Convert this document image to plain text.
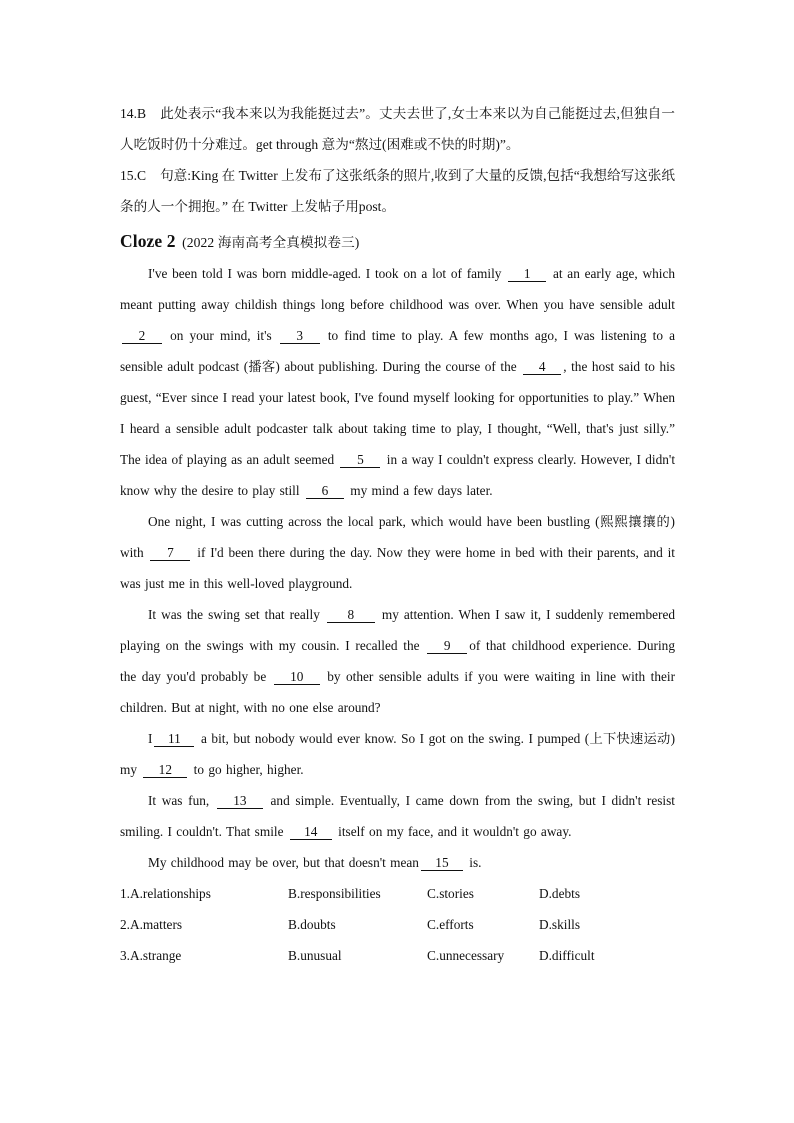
14.B 此处表示“我本来以为我能挺过去”。丈夫去世了,女士本来以为自己能挺过去,但独自一人吃饭时仍十分难过。get through 意为“熬过(困难或不快的时期)”。

15.C 句意:King 在 Twitter 上发布了这张纸条的照片,收到了大量的反馈,包括“我想给写这张纸条的人一个拥抱。” 在 Twitter 上发帖子用post。

Cloze 2 (2022 海南高考全真模拟卷三)

I've been told I was born middle-aged. I took on a lot of family 1 at an early age, which meant putting away childish things long before childhood was over. When you have sensible adult 2 on your mind, it's 3 to find time to play. A few months ago, I was listening to a sensible adult podcast (播客) about publishing. During the course of the 4 , the host said to his guest, “Ever since I read your latest book, I've found myself looking for opportunities to play.” When I heard a sensible adult podcaster talk about taking time to play, I thought, “Well, that's just silly.” The idea of playing as an adult seemed 5 in a way I couldn't express clearly. However, I didn't know why the desire to play still 6 my mind a few days later.

One night, I was cutting across the local park, which would have been bustling (熙熙攘攘的) with 7 if I'd been there during the day. Now they were home in bed with their parents, and it was just me in this well-loved playground.

It was the swing set that really 8 my attention. When I saw it, I suddenly remembered playing on the swings with my cousin. I recalled the 9 of that childhood experience. During the day you'd probably be 10 by other sensible adults if you were waiting in line with their children. But at night, with no one else around?

I 11 a bit, but nobody would ever know. So I got on the swing. I pumped (上下快速运动) my 12 to go higher, higher.

It was fun, 13 and simple. Eventually, I came down from the swing, but I didn't resist smiling. I couldn't. That smile 14 itself on my face, and it wouldn't go away.

My childhood may be over, but that doesn't mean 15 is.

1.A.relationships	B.responsibilities	C.stories	D.debts
2.A.matters	B.doubts	C.efforts	D.skills
3.A.strange	B.unusual	C.unnecessary	D.difficult
